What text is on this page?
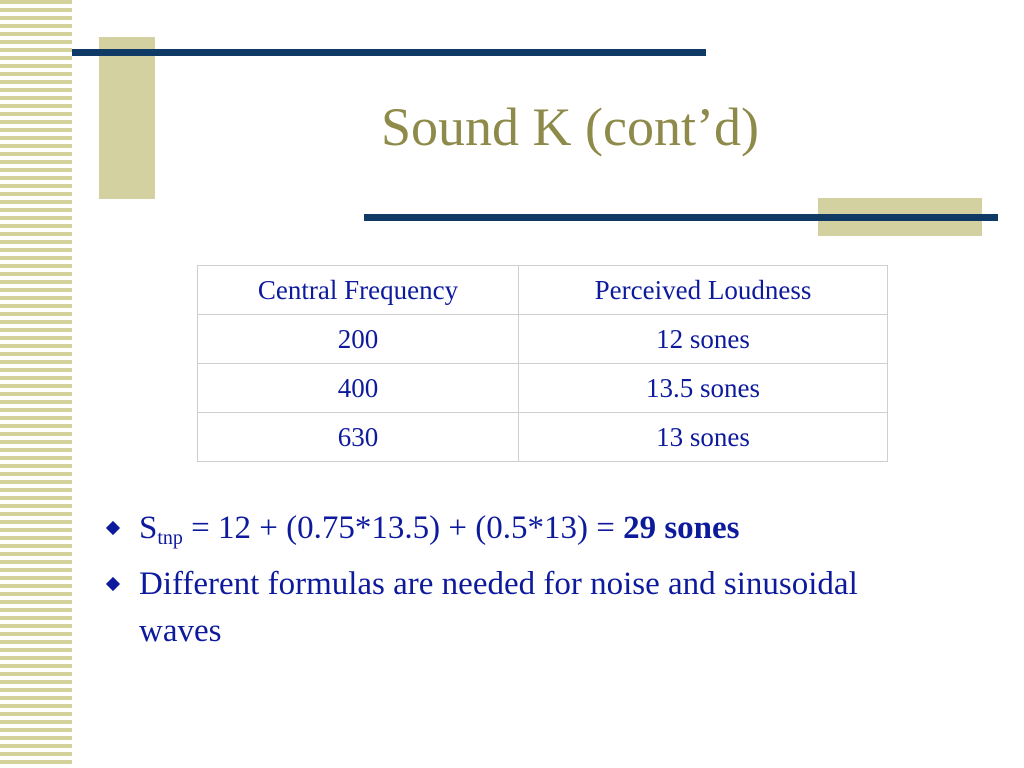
Sound K (cont’d)
Central Frequency	Perceived Loudness
200	12 sones
400	13.5 sones
630	13 sones
$S_{tnp} = 12 + (0.75*13.5) + (0.5*13) = 29$ sones
Different formulas are needed for noise and sinusoidal waves
